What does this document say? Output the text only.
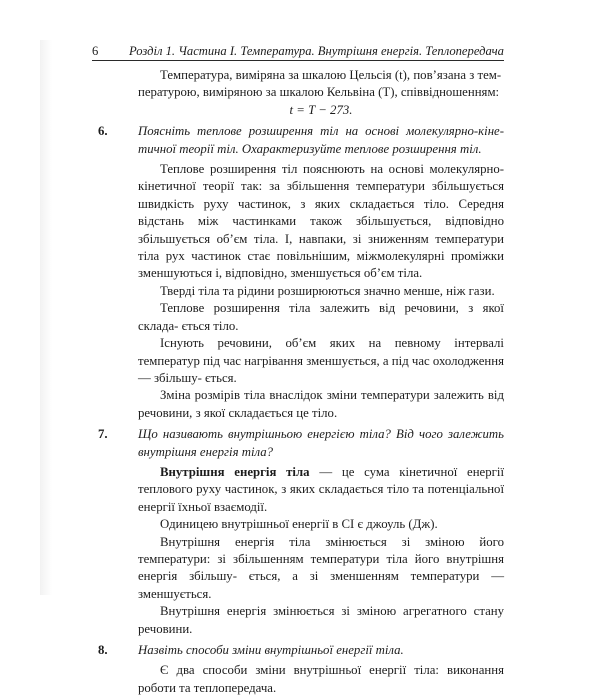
6 Розділ 1. Частина I. Температура. Внутрішня енергія. Теплопередача

Температура, виміряна за шкалою Цельсія (t), пов’язана з тем-

пературою, виміряною за шкалою Кельвіна (T), співвідношенням:

t = T − 273.

6. Поясніть теплове розширення тіл на основі молекулярно-кіне- тичної теорії тіл. Охарактеризуйте теплове розширення тіл.

Теплове розширення тіл пояснюють на основі молекулярно-кінетичної теорії так: за збільшення температури збільшується швидкість руху частинок, з яких складається тіло. Середня відстань між частинками також збільшується, відповідно збільшується об’єм тіла. І, навпаки, зі зниженням температури тіла рух частинок стає повільнішим, міжмолекулярні проміжки зменшуються і, відповідно, зменшується об’єм тіла.

Тверді тіла та рідини розширюються значно менше, ніж гази.

Теплове розширення тіла залежить від речовини, з якої склада- ється тіло.

Існують речовини, об’єм яких на певному інтервалі температур під час нагрівання зменшується, а під час охолодження — збільшу- ється.

Зміна розмірів тіла внаслідок зміни температури залежить від речовини, з якої складається це тіло.

7. Що називають внутрішньою енергією тіла? Від чого залежить внутрішня енергія тіла?

Внутрішня енергія тіла — це сума кінетичної енергії теплового руху частинок, з яких складається тіло та потенціальної енергії їхньої взаємодії.

Одиницею внутрішньої енергії в СІ є джоуль (Дж).

Внутрішня енергія тіла змінюється зі зміною його температури: зі збільшенням температури тіла його внутрішня енергія збільшу- ється, а зі зменшенням температури — зменшується.

Внутрішня енергія змінюється зі зміною агрегатного стану речовини.

8. Назвіть способи зміни внутрішньої енергії тіла.

Є два способи зміни внутрішньої енергії тіла: виконання роботи та теплопередача.
